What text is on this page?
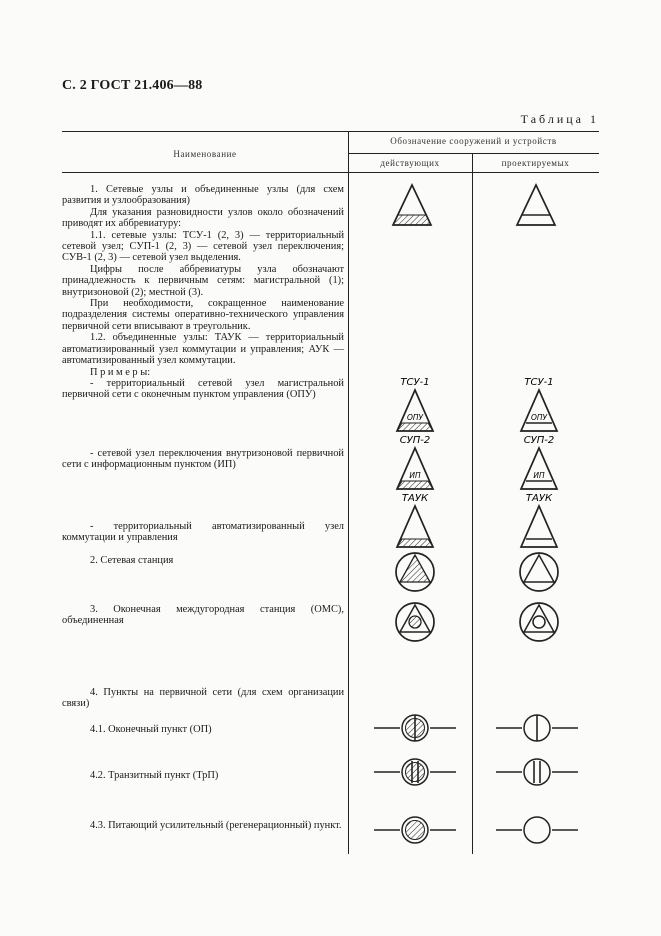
С. 2 ГОСТ 21.406—88
Таблица 1
Наименование
Обозначение сооружений и устройств
действующих	проектируемых

1. Сетевые узлы и объединенные узлы (для схем развития и узлообразования)

Для указания разновидности узлов около обозначений приводят их аббревиатуру:

1.1. сетевые узлы: ТСУ-1 (2, 3) — территориальный сетевой узел; СУП-1 (2, 3) — сетевой узел переключения; СУВ-1 (2, 3) — сетевой узел выделения.

Цифры после аббревиатуры узла обозначают принадлежность к первичным сетям: магистральной (1); внутризоновой (2); местной (3).

При необходимости, сокращенное наименование подразделения системы оперативно-технического управления первичной сети вписывают в треугольник.

1.2. объединенные узлы: ТАУК — территориальный автоматизированный узел коммутации и управления; АУК — автоматизированный узел коммутации.

П р и м е р ы:

- территориальный сетевой узел магистральной первичной сети с оконечным пунктом управления (ОПУ)

- сетевой узел переключения внутризоновой первичной сети с информационным пунктом (ИП)
- территориальный автоматизированный узел коммутации и управления
2. Сетевая станция
3. Оконечная междугородная станция (ОМС), объединенная
4. Пункты на первичной сети (для схем организации связи)
4.1. Оконечный пункт (ОП)
4.2. Транзитный пункт (ТрП)
4.3. Питающий усилительный (регенерационный) пункт.
ТСУ-1
ОПУ
СУП-2
ИП
ТАУК
ТСУ-1
ОПУ
СУП-2
ИП
ТАУК
